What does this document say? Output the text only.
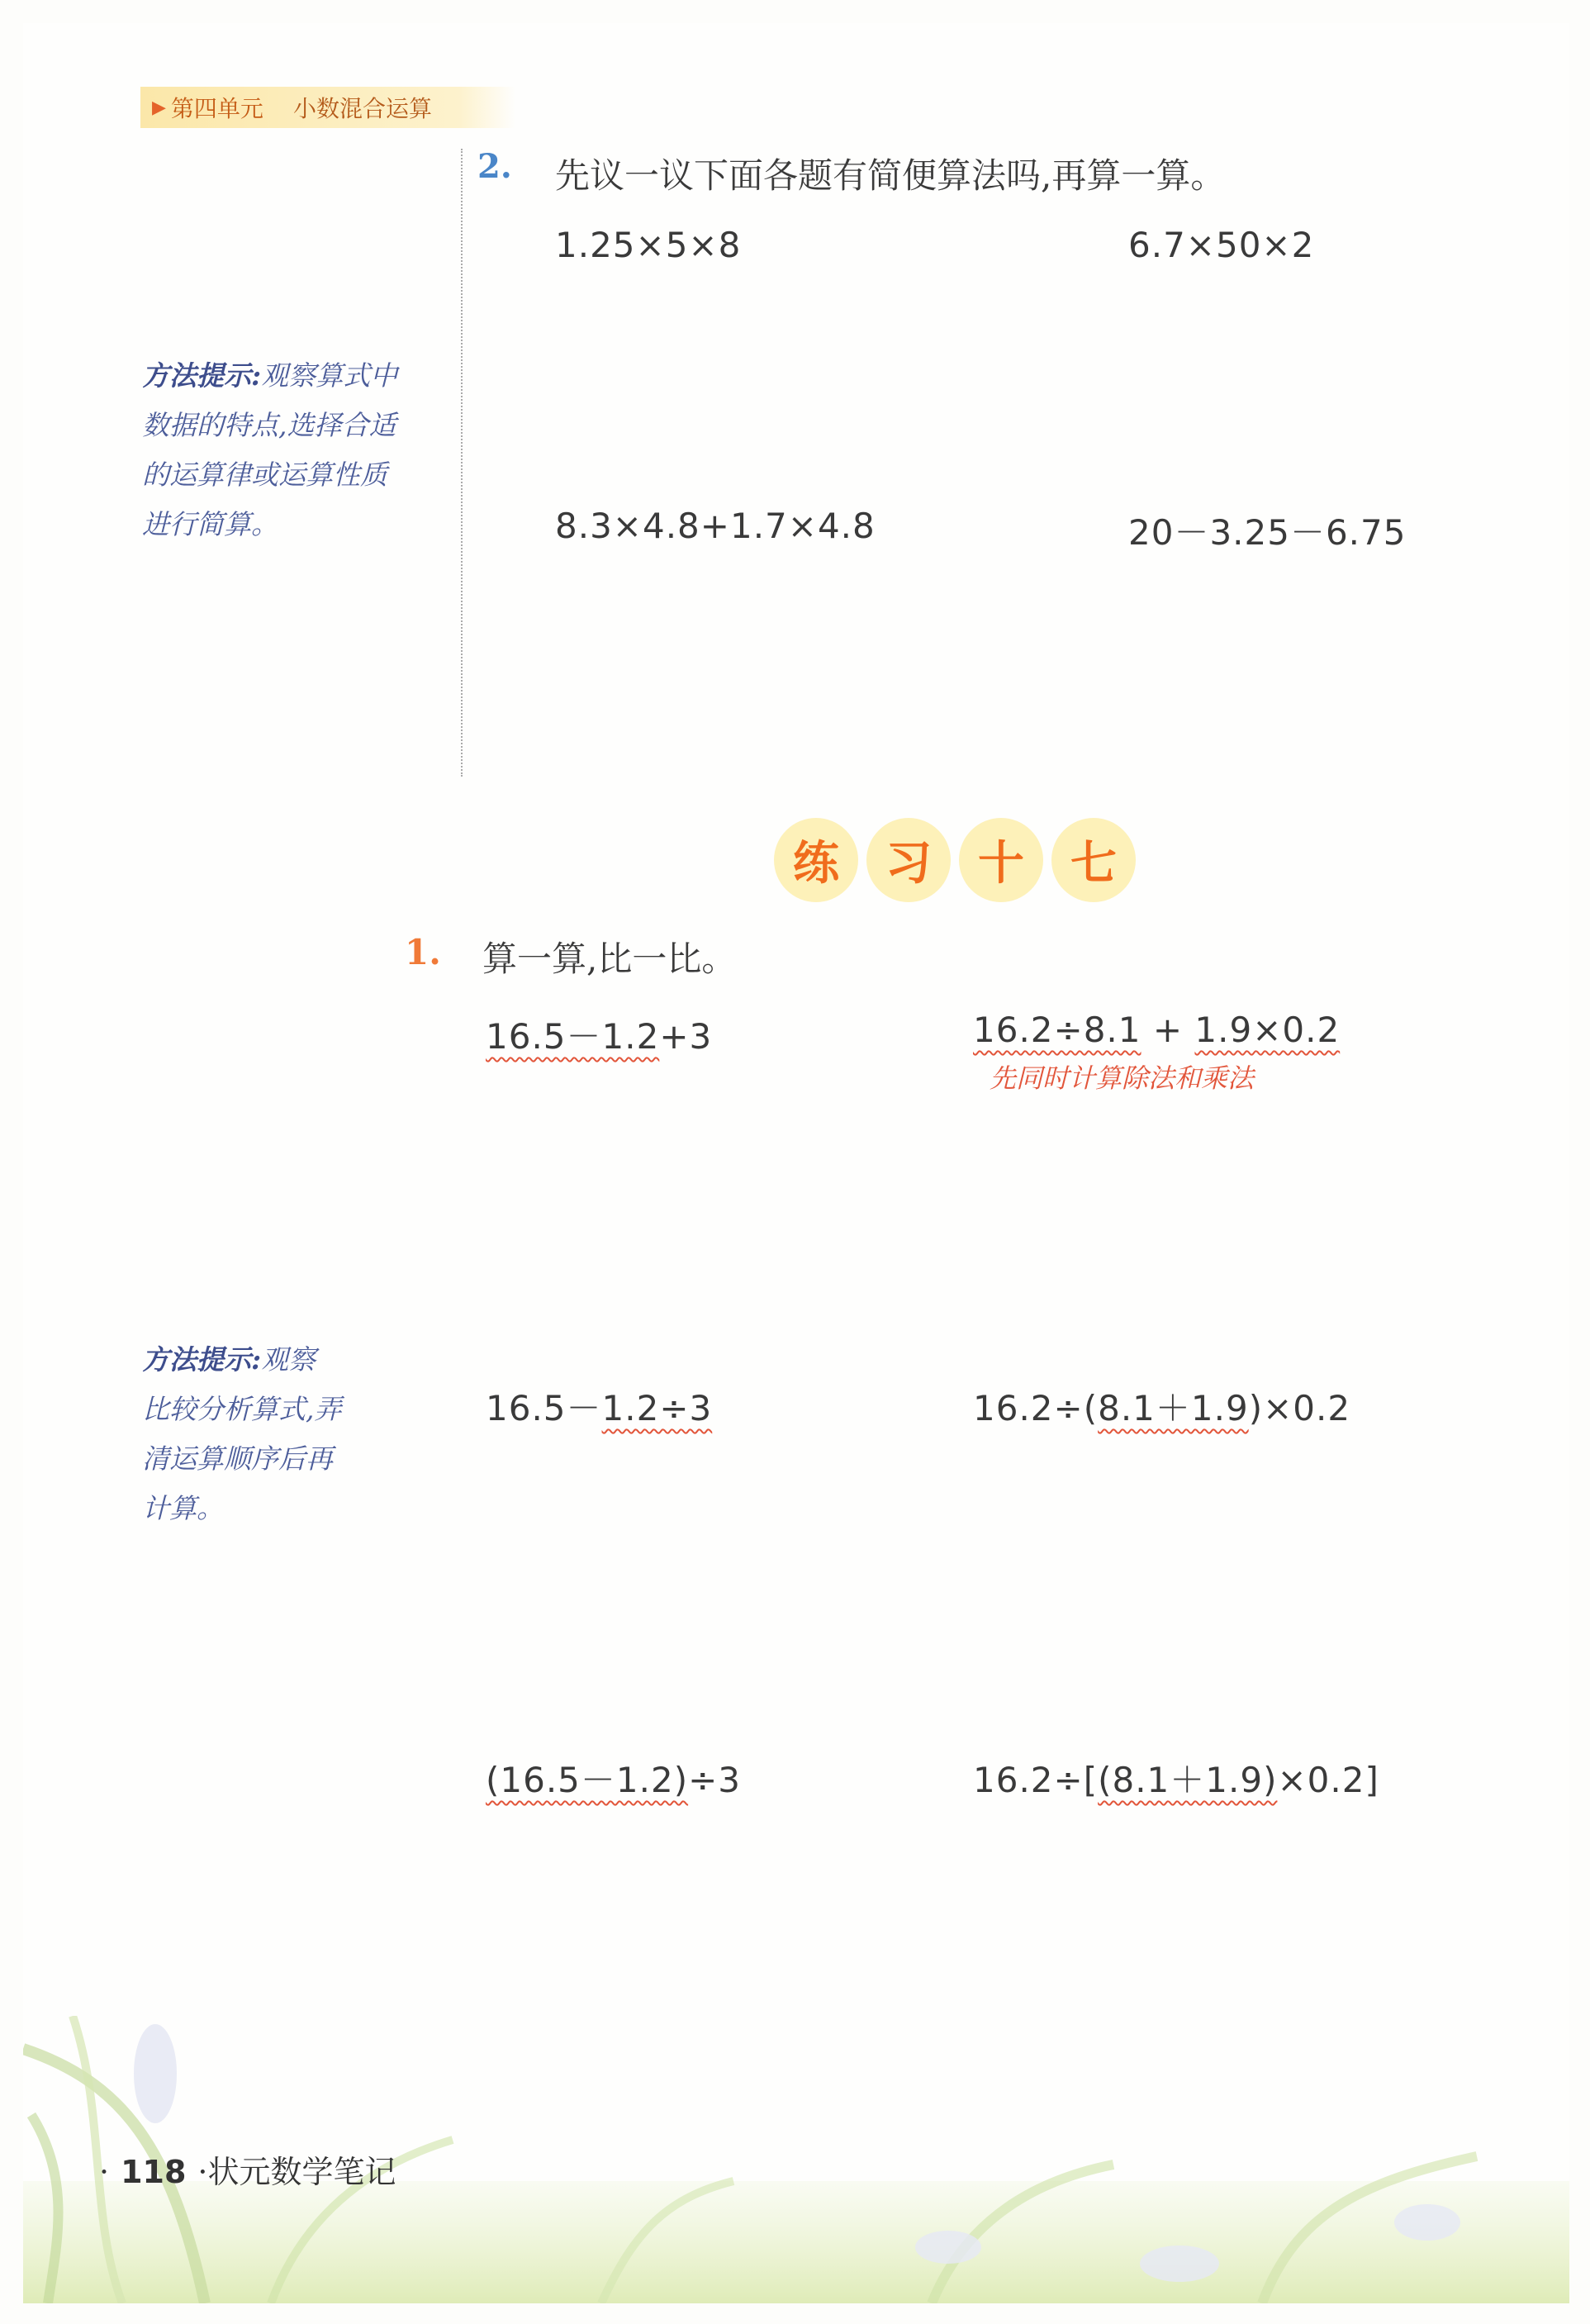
▶ 第四单元 小数混合运算
2. 先议一议下面各题有简便算法吗,再算一算。
1.25×5×8	6.7×50×2
8.3×4.8+1.7×4.8	20－3.25－6.75
方法提示:观察算式中
数据的特点,选择合适
的运算律或运算性质
进行简算。
练	习	十	七
1. 算一算,比一比。
16.5－1.2+3	16.2÷8.1 + 1.9×0.2
先同时计算除法和乘法
16.5－1.2÷3	16.2÷(8.1＋1.9)×0.2
(16.5－1.2)÷3	16.2÷[(8.1＋1.9)×0.2]
方法提示:观察
比较分析算式,弄
清运算顺序后再
计算。
· 118 ·状元数学笔记
